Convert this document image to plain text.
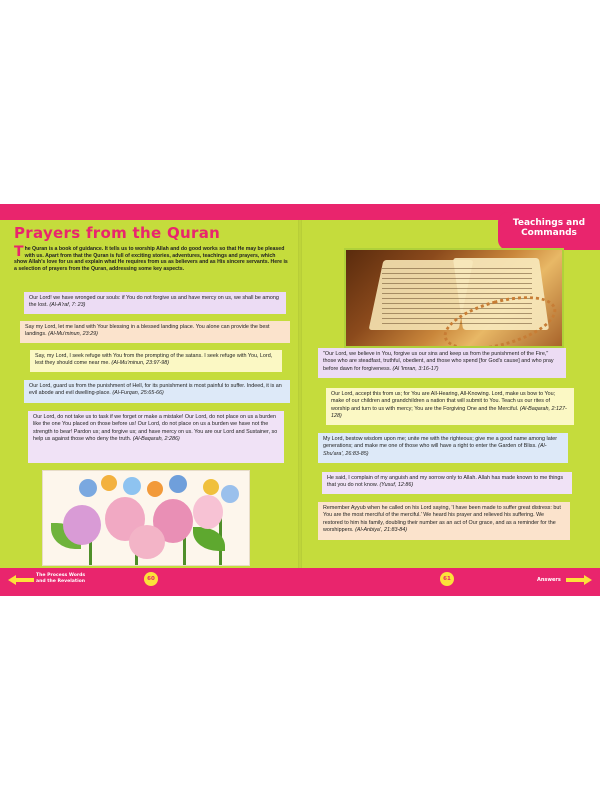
Prayers from the Quran
T he Quran is a book of guidance. It tells us to worship Allah and do good works so that He may be pleased with us. Apart from that the Quran is full of exciting stories, adventures, teachings and prayers, which show Allah's love for us and explain what He requires from us as believers and as His sincere servants. Here is a selection of prayers from the Quran, addressing some key aspects.
Our Lord! we have wronged our souls: if You do not forgive us and have mercy on us, we shall be among the lost. (Al-A'raf, 7: 23)
Say my Lord, let me land with Your blessing in a blessed landing place. You alone can provide the best landings. (Al-Mu'minun, 23:29)
Say, my Lord, I seek refuge with You from the prompting of the satans. I seek refuge with You, Lord, lest they should come near me. (Al-Mu'minun, 23:97-98)
Our Lord, guard us from the punishment of Hell, for its punishment is most painful to suffer. Indeed, it is an evil abode and evil dwelling-place. (Al-Furqan, 25:65-66)
Our Lord, do not take us to task if we forget or make a mistake! Our Lord, do not place on us a burden like the one You placed on those before us! Our Lord, do not place on us a burden we have not the strength to bear! Pardon us; and forgive us; and have mercy on us. You are our Lord and Sustainer, so help us against those who deny the truth. (Al-Baqarah, 2:286)
Teachings and
Commands
"Our Lord, we believe in You, forgive us our sins and keep us from the punishment of the Fire," those who are steadfast, truthful, obedient, and those who spend [for God's cause] and who pray before dawn for forgiveness. (Al 'Imran, 3:16-17)
Our Lord, accept this from us; for You are All-Hearing, All-Knowing. Lord, make us bow to You; make of our children and grandchildren a nation that will submit to You. Teach us our rites of worship and turn to us with mercy; You are the Forgiving One and the Merciful. (Al-Baqarah, 2:127-128)
My Lord, bestow wisdom upon me; unite me with the righteous; give me a good name among later generations; and make me one of those who will have a right to enter the Garden of Bliss. (Al-Shu'ara', 26:83-85)
He said, I complain of my anguish and my sorrow only to Allah. Allah has made known to me things that you do not know. (Yusuf, 12:86)
Remember Ayyub when he called on his Lord saying, 'I have been made to suffer great distress: but You are the most merciful of the merciful.' We heard his prayer and relieved his suffering. We restored to him his family, doubling their number as an act of Our grace, and as a reminder for the worshippers. (Al-Anbiya', 21:83-84)
The Process Words
and the Revelation	60	61	Answers
